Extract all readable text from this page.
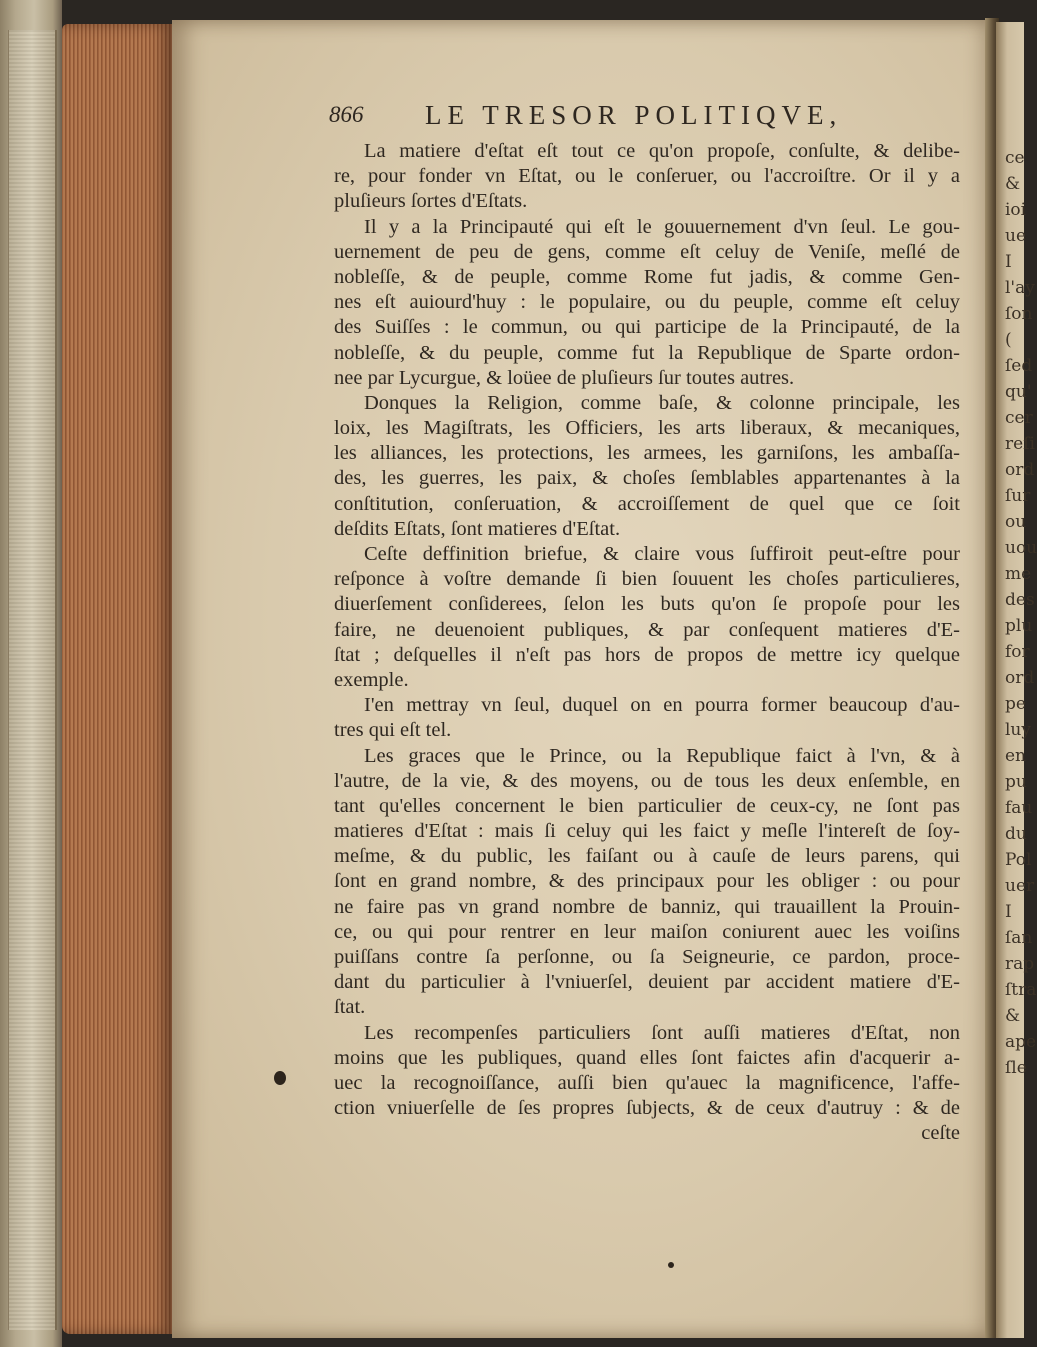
866 LE TRESOR POLITIQVE,
La matiere d'eſtat eſt tout ce qu'on propoſe, conſulte, & delibe-
re, pour fonder vn Eſtat, ou le conſeruer, ou l'accroiſtre. Or il y a
pluſieurs ſortes d'Eſtats.
Il y a la Principauté qui eſt le gouuernement d'vn ſeul. Le gou-
uernement de peu de gens, comme eſt celuy de Veniſe, meſlé de
nobleſſe, & de peuple, comme Rome fut jadis, & comme Gen-
nes eſt auiourd'huy : le populaire, ou du peuple, comme eſt celuy
des Suiſſes : le commun, ou qui participe de la Principauté, de la
nobleſſe, & du peuple, comme fut la Republique de Sparte ordon-
nee par Lycurgue, & loüee de pluſieurs ſur toutes autres.
Donques la Religion, comme baſe, & colonne principale, les
loix, les Magiſtrats, les Officiers, les arts liberaux, & mecaniques,
les alliances, les protections, les armees, les garniſons, les ambaſſa-
des, les guerres, les paix, & choſes ſemblables appartenantes à la
conſtitution, conſeruation, & accroiſſement de quel que ce ſoit
deſdits Eſtats, ſont matieres d'Eſtat.
Ceſte deffinition briefue, & claire vous ſuffiroit peut-eſtre pour
reſponce à voſtre demande ſi bien ſouuent les choſes particulieres,
diuerſement conſiderees, ſelon les buts qu'on ſe propoſe pour les
faire, ne deuenoient publiques, & par conſequent matieres d'E-
ſtat ; deſquelles il n'eſt pas hors de propos de mettre icy quelque
exemple.
I'en mettray vn ſeul, duquel on en pourra former beaucoup d'au-
tres qui eſt tel.
Les graces que le Prince, ou la Republique faict à l'vn, & à
l'autre, de la vie, & des moyens, ou de tous les deux enſemble, en
tant qu'elles concernent le bien particulier de ceux-cy, ne ſont pas
matieres d'Eſtat : mais ſi celuy qui les faict y meſle l'intereſt de ſoy-
meſme, & du public, les faiſant ou à cauſe de leurs parens, qui
ſont en grand nombre, & des principaux pour les obliger : ou pour
ne faire pas vn grand nombre de banniz, qui trauaillent la Prouin-
ce, ou qui pour rentrer en leur maiſon coniurent auec les voiſins
puiſſans contre ſa perſonne, ou ſa Seigneurie, ce pardon, proce-
dant du particulier à l'vniuerſel, deuient par accident matiere d'E-
ſtat.
Les recompenſes particuliers ſont auſſi matieres d'Eſtat, non
moins que les publiques, quand elles ſont faictes afin d'acquerir a-
uec la recognoiſſance, auſſi bien qu'auec la magnificence, l'affe-
ction vniuerſelle de ſes propres ſubjects, & de ceux d'autruy : & de
ceſte
ce
&
ioi
ue
I
l'ay
ſon
(
ſed
qu'
cer
reſi
ord
ſur
ou
uou
me
des
plu
for
ord
pe
luy
en
pu
fau
du
Pol
uer
I
ſan
rap
ſtra
&
ape
ſle
